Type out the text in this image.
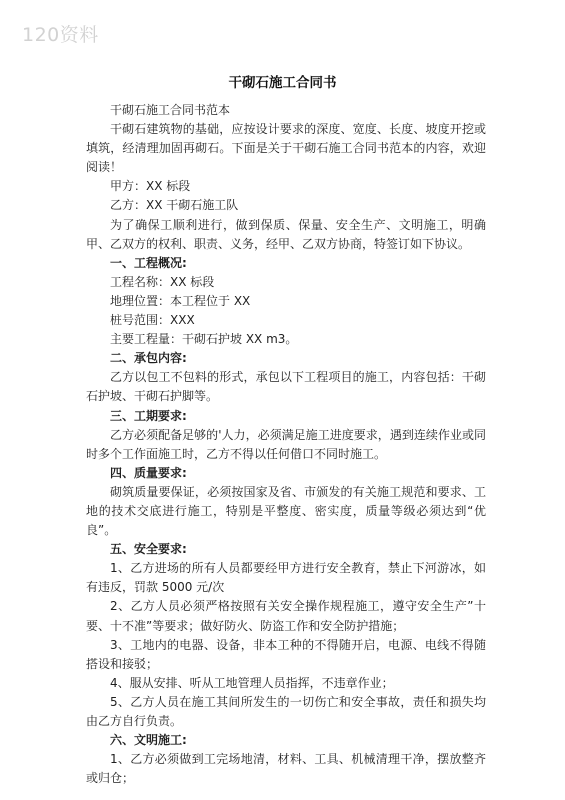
120资料
干砌石施工合同书

干砌石施工合同书范本

干砌石建筑物的基础，应按设计要求的深度、宽度、长度、坡度开挖或填筑，经清理加固再砌石。下面是关于干砌石施工合同书范本的内容，欢迎阅读！

甲方：XX 标段

乙方：XX 干砌石施工队

为了确保工顺利进行，做到保质、保量、安全生产、文明施工，明确甲、乙双方的权利、职责、义务，经甲、乙双方协商，特签订如下协议。

一、工程概况:

工程名称：XX 标段

地理位置：本工程位于 XX

桩号范围：XXX

主要工程量：干砌石护坡 XX m3。

二、承包内容:

乙方以包工不包料的形式，承包以下工程项目的施工，内容包括：干砌石护坡、干砌石护脚等。

三、工期要求:

乙方必须配备足够的'人力，必须满足施工进度要求，遇到连续作业或同时多个工作面施工时，乙方不得以任何借口不同时施工。

四、质量要求:

砌筑质量要保证，必须按国家及省、市颁发的有关施工规范和要求、工地的技术交底进行施工，特别是平整度、密实度，质量等级必须达到“优良”。

五、安全要求:

1、乙方进场的所有人员都要经甲方进行安全教育，禁止下河游冰，如有违反，罚款 5000 元/次

2、乙方人员必须严格按照有关安全操作规程施工，遵守安全生产”十要、十不准”等要求；做好防火、防盗工作和安全防护措施；

3、工地内的电器、设备，非本工种的不得随开启，电源、电线不得随搭设和接驳；

4、服从安排、听从工地管理人员指挥，不违章作业；

5、乙方人员在施工其间所发生的一切伤亡和安全事故，责任和损失均由乙方自行负责。

六、文明施工:

1、乙方必须做到工完场地清，材料、工具、机械清理干净，摆放整齐或归仓；
